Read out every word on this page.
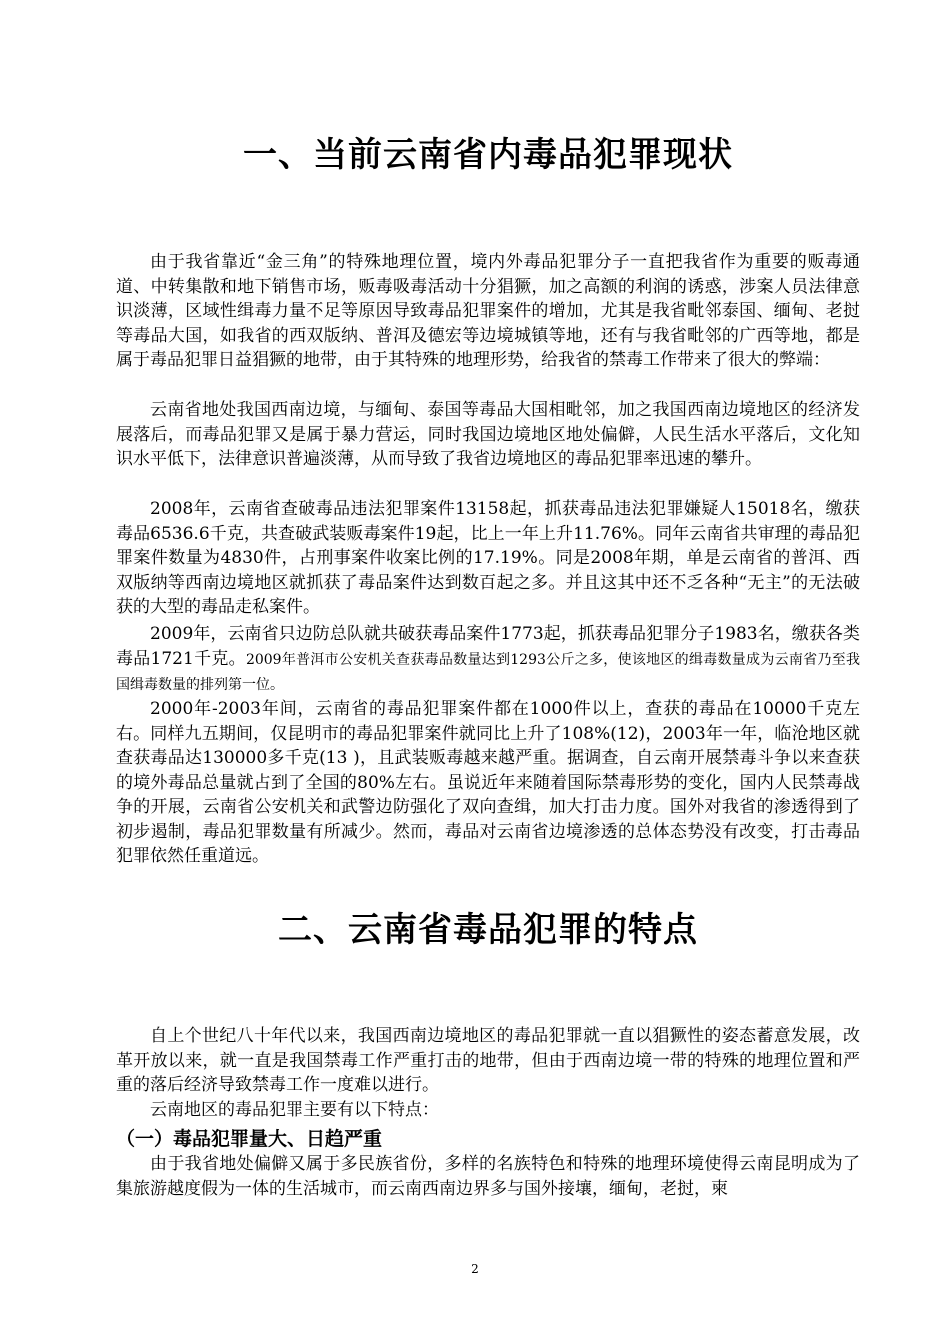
一、当前云南省内毒品犯罪现状

由于我省靠近“金三角”的特殊地理位置，境内外毒品犯罪分子一直把我省作为重要的贩毒通道、中转集散和地下销售市场，贩毒吸毒活动十分猖獗，加之高额的利润的诱惑，涉案人员法律意识淡薄，区域性缉毒力量不足等原因导致毒品犯罪案件的增加，尤其是我省毗邻泰国、缅甸、老挝等毒品大国，如我省的西双版纳、普洱及德宏等边境城镇等地，还有与我省毗邻的广西等地，都是属于毒品犯罪日益猖獗的地带，由于其特殊的地理形势，给我省的禁毒工作带来了很大的弊端：

云南省地处我国西南边境，与缅甸、泰国等毒品大国相毗邻，加之我国西南边境地区的经济发展落后，而毒品犯罪又是属于暴力营运，同时我国边境地区地处偏僻，人民生活水平落后，文化知识水平低下，法律意识普遍淡薄，从而导致了我省边境地区的毒品犯罪率迅速的攀升。

2008年，云南省查破毒品违法犯罪案件13158起，抓获毒品违法犯罪嫌疑人15018名，缴获毒品6536.6千克，共查破武装贩毒案件19起，比上一年上升11.76%。同年云南省共审理的毒品犯罪案件数量为4830件，占刑事案件收案比例的17.19%。同是2008年期，单是云南省的普洱、西双版纳等西南边境地区就抓获了毒品案件达到数百起之多。并且这其中还不乏各种“无主”的无法破获的大型的毒品走私案件。

2009年，云南省只边防总队就共破获毒品案件1773起，抓获毒品犯罪分子1983名，缴获各类毒品1721千克。2009年普洱市公安机关查获毒品数量达到1293公斤之多，使该地区的缉毒数量成为云南省乃至我国缉毒数量的排列第一位。

2000年-2003年间，云南省的毒品犯罪案件都在1000件以上，查获的毒品在10000千克左右。同样九五期间，仅昆明市的毒品犯罪案件就同比上升了108%(12)，2003年一年，临沧地区就查获毒品达130000多千克(13 )，且武装贩毒越来越严重。据调查，自云南开展禁毒斗争以来查获的境外毒品总量就占到了全国的80%左右。虽说近年来随着国际禁毒形势的变化，国内人民禁毒战争的开展，云南省公安机关和武警边防强化了双向查缉，加大打击力度。国外对我省的渗透得到了初步遏制，毒品犯罪数量有所减少。然而，毒品对云南省边境渗透的总体态势没有改变，打击毒品犯罪依然任重道远。

二、云南省毒品犯罪的特点

自上个世纪八十年代以来，我国西南边境地区的毒品犯罪就一直以猖獗性的姿态蓄意发展，改革开放以来，就一直是我国禁毒工作严重打击的地带，但由于西南边境一带的特殊的地理位置和严重的落后经济导致禁毒工作一度难以进行。

云南地区的毒品犯罪主要有以下特点：

（一）毒品犯罪量大、日趋严重

由于我省地处偏僻又属于多民族省份，多样的名族特色和特殊的地理环境使得云南昆明成为了集旅游越度假为一体的生活城市，而云南西南边界多与国外接壤，缅甸，老挝，柬

2
